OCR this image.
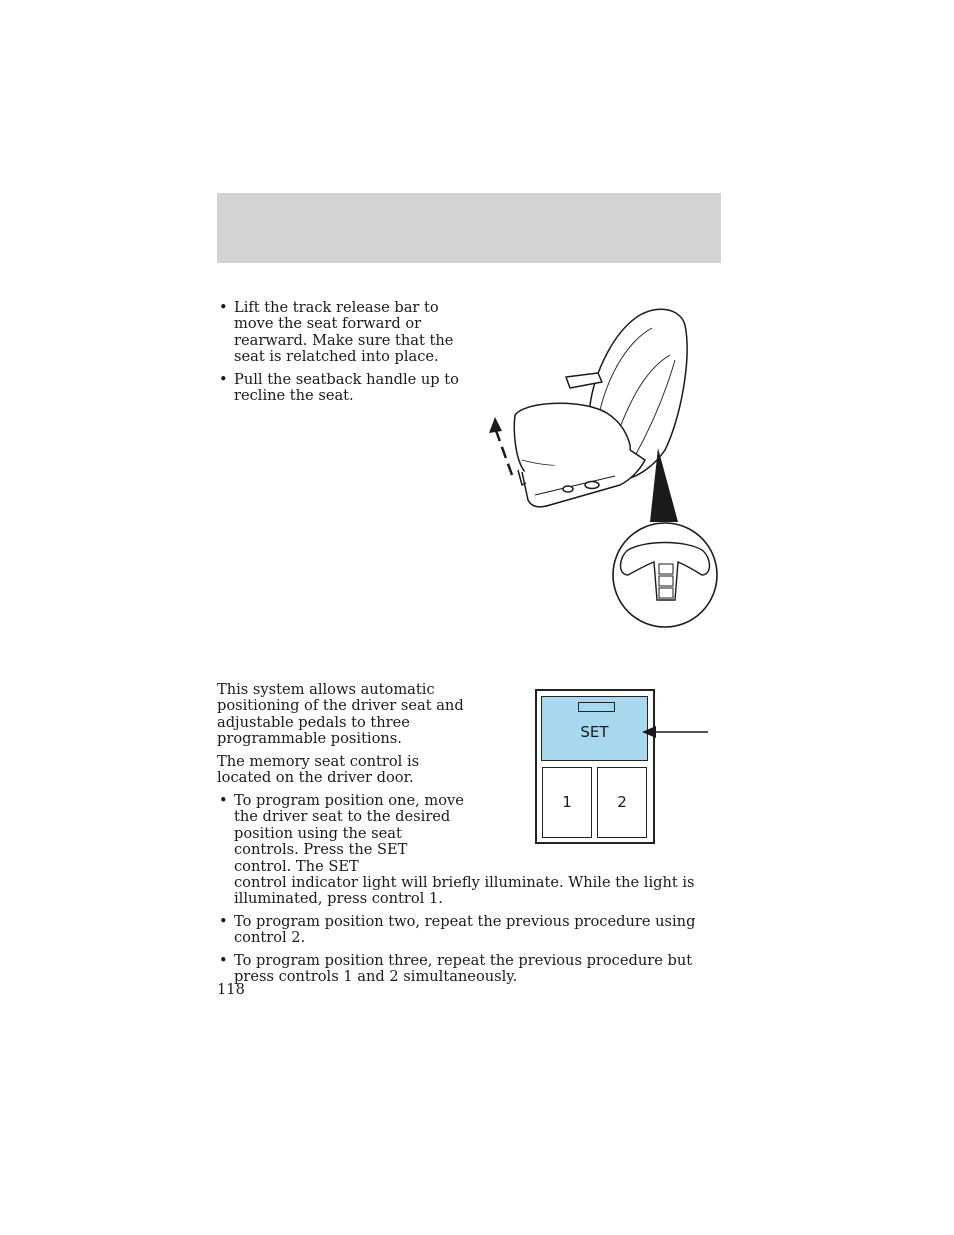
• Lift the track release bar to move the seat forward or rearward. Make sure that the seat is relatched into place.
• Pull the seatback handle up to recline the seat.

This system allows automatic positioning of the driver seat and adjustable pedals to three programmable positions.

The memory seat control is located on the driver door.

• To program position one, move the driver seat to the desired position using the seat controls. Press the SET control. The SET
control indicator light will briefly illuminate. While the light is illuminated, press control 1.
• To program position two, repeat the previous procedure using control 2.
• To program position three, repeat the previous procedure but press controls 1 and 2 simultaneously.
SET
1	2
118
